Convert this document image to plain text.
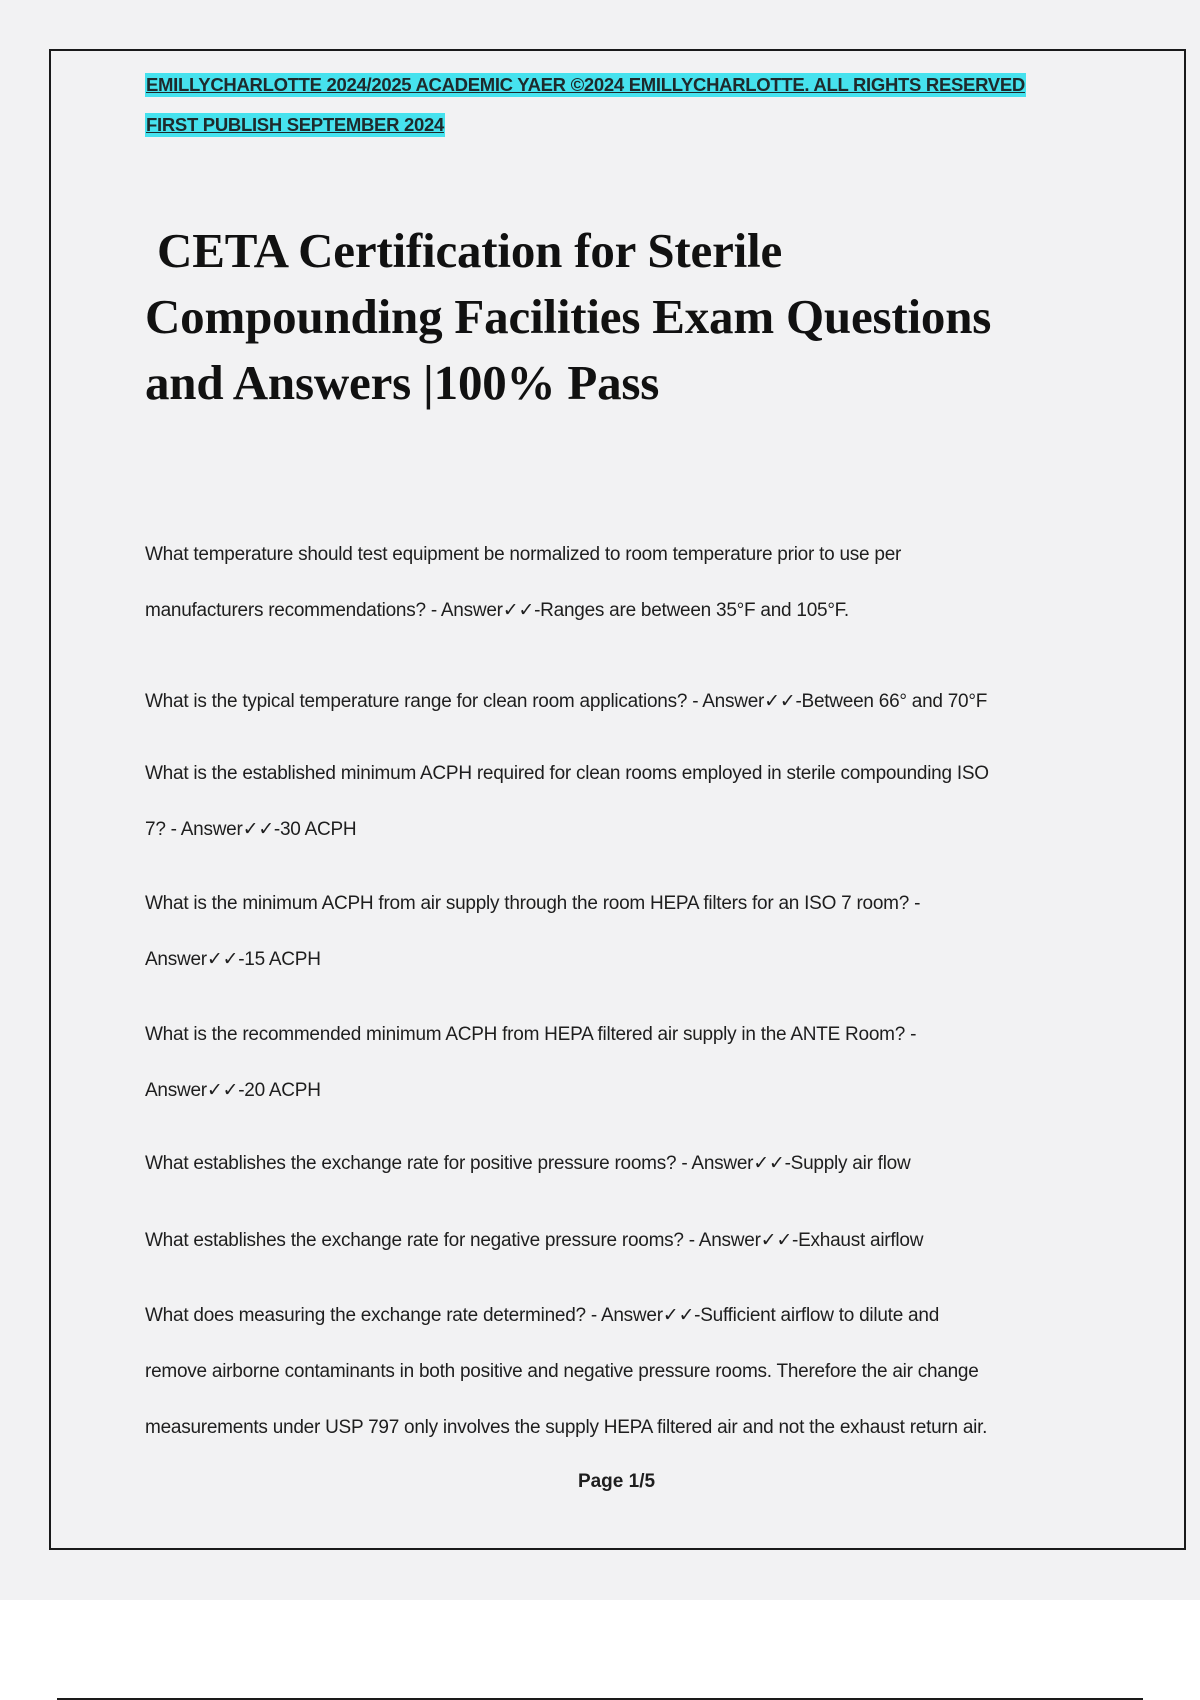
EMILLYCHARLOTTE 2024/2025 ACADEMIC YAER ©2024 EMILLYCHARLOTTE. ALL RIGHTS RESERVED
FIRST PUBLISH SEPTEMBER 2024
CETA Certification for Sterile
Compounding Facilities Exam Questions
and Answers |100% Pass

What temperature should test equipment be normalized to room temperature prior to use per
manufacturers recommendations? - Answer✓✓-Ranges are between 35°F and 105°F.

What is the typical temperature range for clean room applications? - Answer✓✓-Between 66° and 70°F

What is the established minimum ACPH required for clean rooms employed in sterile compounding ISO
7? - Answer✓✓-30 ACPH

What is the minimum ACPH from air supply through the room HEPA filters for an ISO 7 room? -
Answer✓✓-15 ACPH

What is the recommended minimum ACPH from HEPA filtered air supply in the ANTE Room? -
Answer✓✓-20 ACPH

What establishes the exchange rate for positive pressure rooms? - Answer✓✓-Supply air flow

What establishes the exchange rate for negative pressure rooms? - Answer✓✓-Exhaust airflow

What does measuring the exchange rate determined? - Answer✓✓-Sufficient airflow to dilute and
remove airborne contaminants in both positive and negative pressure rooms. Therefore the air change
measurements under USP 797 only involves the supply HEPA filtered air and not the exhaust return air.

Page 1/5
